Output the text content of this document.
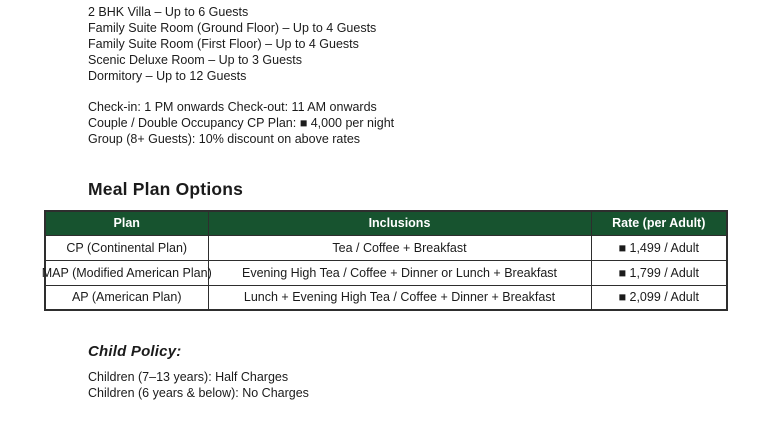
2 BHK Villa – Up to 6 Guests
Family Suite Room (Ground Floor) – Up to 4 Guests
Family Suite Room (First Floor) – Up to 4 Guests
Scenic Deluxe Room – Up to 3 Guests
Dormitory – Up to 12 Guests
Check-in: 1 PM onwards Check-out: 11 AM onwards
Couple / Double Occupancy CP Plan: ■ 4,000 per night
Group (8+ Guests): 10% discount on above rates
Meal Plan Options
Plan	Inclusions	Rate (per Adult)

CP (Continental Plan)	Tea / Coffee + Breakfast	■ 1,499 / Adult

MAP (Modified American Plan)	Evening High Tea / Coffee + Dinner or Lunch + Breakfast	■ 1,799 / Adult

AP (American Plan)	Lunch + Evening High Tea / Coffee + Dinner + Breakfast	■ 2,099 / Adult
Child Policy:
Children (7–13 years): Half Charges
Children (6 years & below): No Charges
